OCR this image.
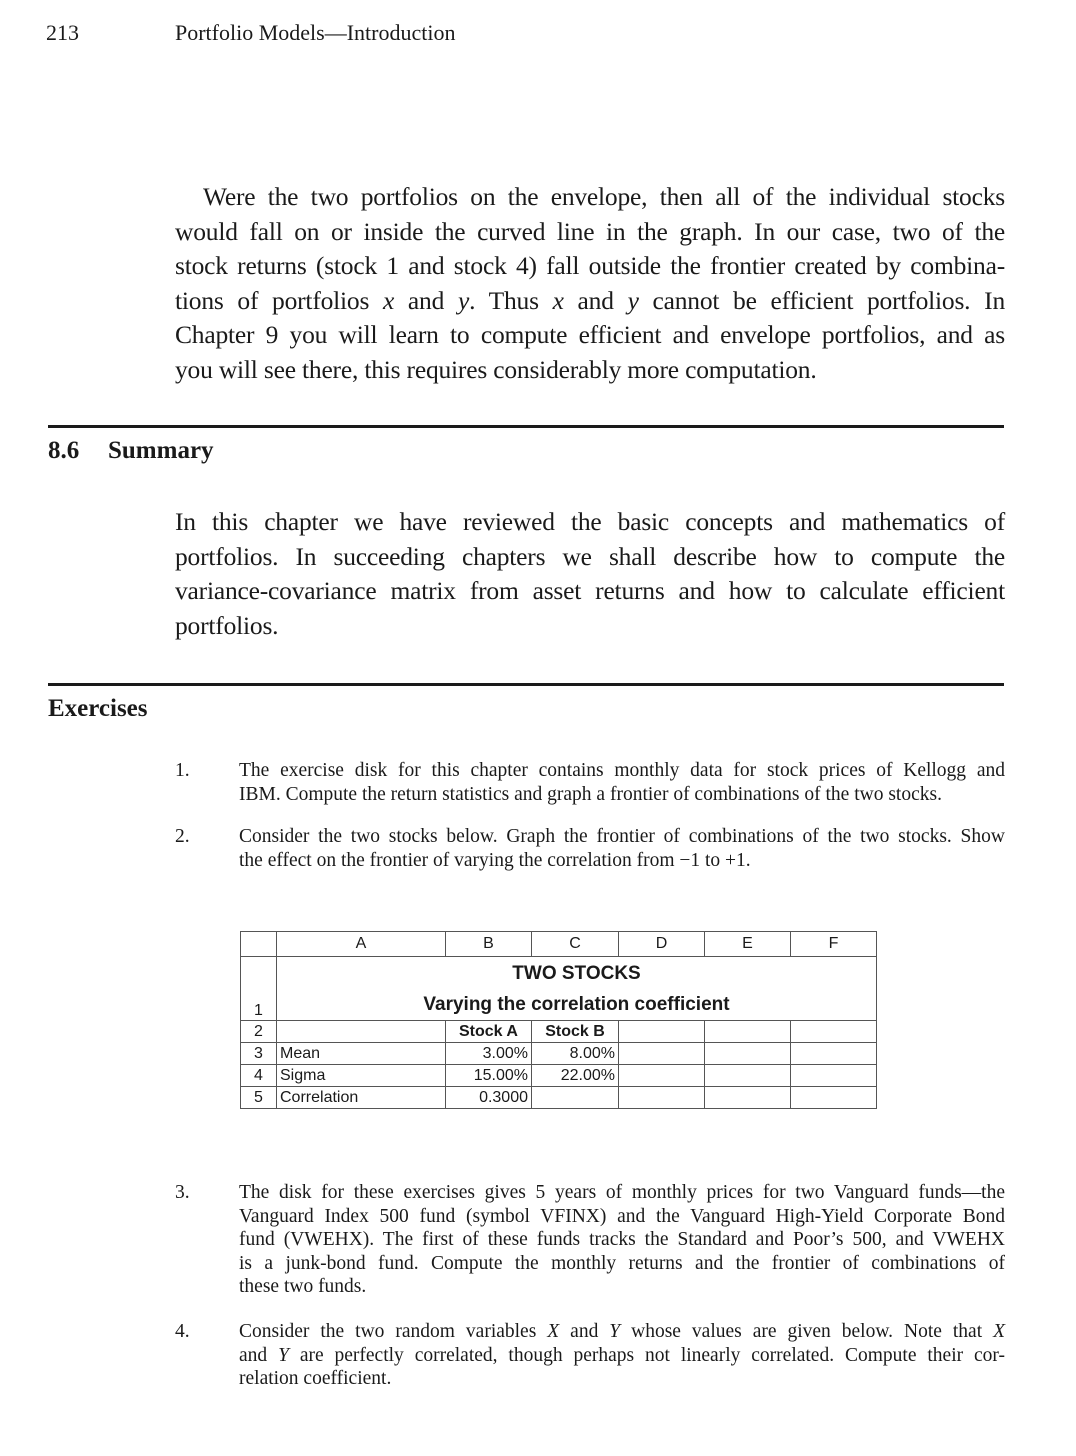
213	Portfolio Models—Introduction
Were the two portfolios on the envelope, then all of the individual stocks
would fall on or inside the curved line in the graph. In our case, two of the
stock returns (stock 1 and stock 4) fall outside the frontier created by combina-
tions of portfolios x and y. Thus x and y cannot be efficient portfolios. In
Chapter 9 you will learn to compute efficient and envelope portfolios, and as
you will see there, this requires considerably more computation.
8.6 Summary
In this chapter we have reviewed the basic concepts and mathematics of
portfolios. In succeeding chapters we shall describe how to compute the
variance-covariance matrix from asset returns and how to calculate efficient
portfolios.
Exercises
1.	The exercise disk for this chapter contains monthly data for stock prices of Kellogg and
IBM. Compute the return statistics and graph a frontier of combinations of the two stocks.
2.	Consider the two stocks below. Graph the frontier of combinations of the two stocks. Show
the effect on the frontier of varying the correlation from −1 to +1.
	A	B	C	D	E	F
1	TWO STOCKS
Varying the correlation coefficient					

2		Stock A	Stock B			
3	Mean	3.00%	8.00%			
4	Sigma	15.00%	22.00%			
5	Correlation	0.3000				
3.	The disk for these exercises gives 5 years of monthly prices for two Vanguard funds—the
Vanguard Index 500 fund (symbol VFINX) and the Vanguard High-Yield Corporate Bond
fund (VWEHX). The first of these funds tracks the Standard and Poor’s 500, and VWEHX
is a junk-bond fund. Compute the monthly returns and the frontier of combinations of
these two funds.
4.	Consider the two random variables X and Y whose values are given below. Note that X
and Y are perfectly correlated, though perhaps not linearly correlated. Compute their cor-
relation coefficient.
